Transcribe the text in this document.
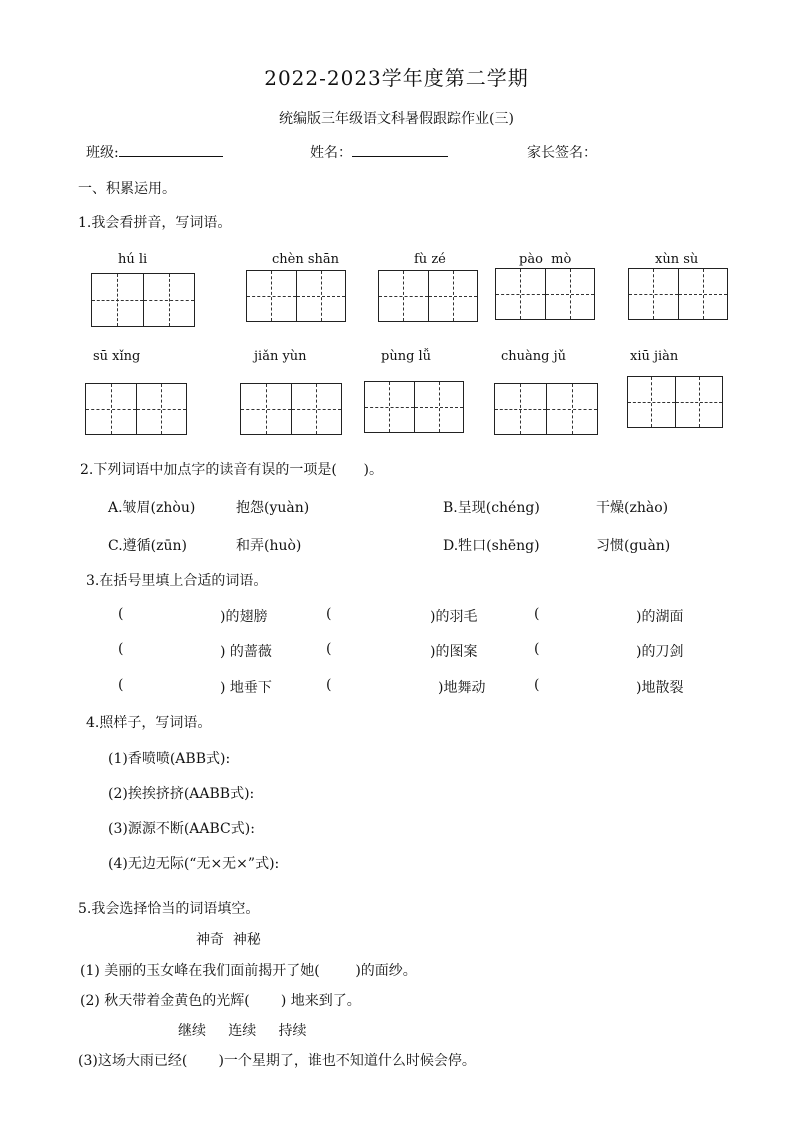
2022-2023学年度第二学期
统编版三年级语文科暑假跟踪作业(三)
班级:	姓名：	家长签名：
一、积累运用。
1.我会看拼音，写词语。
hú li	chèn shān	fù zé	pào  mò	xùn sù
sū xǐng	jiǎn yùn	pùng lǚ	chuàng jǔ	xiū jiàn
2.下列词语中加点字的读音有误的一项是(      )。
A.皱眉(zhòu)	抱怨(yuàn)	B.呈现(chéng)	干燥(zhào)
C.遵循(zūn)	和弄(huò)	D.牲口(shēng)	习惯(guàn)
3.在括号里填上合适的词语。
(	)的翅膀	(	)的羽毛	(	)的湖面
(	) 的蔷薇	(	)的图案	(	)的刀剑
(	) 地垂下	(	)地舞动	(	)地散裂
4.照样子，写词语。
(1)香喷喷(ABB式):
(2)挨挨挤挤(AABB式):
(3)源源不断(AABC式):
(4)无边无际(“无×无×”式):
5.我会选择恰当的词语填空。
神奇  神秘
(1) 美丽的玉女峰在我们面前揭开了她(        )的面纱。
(2) 秋天带着金黄色的光辉(       ) 地来到了。
继续     连续     持续
(3)这场大雨已经(       )一个星期了，谁也不知道什么时候会停。
